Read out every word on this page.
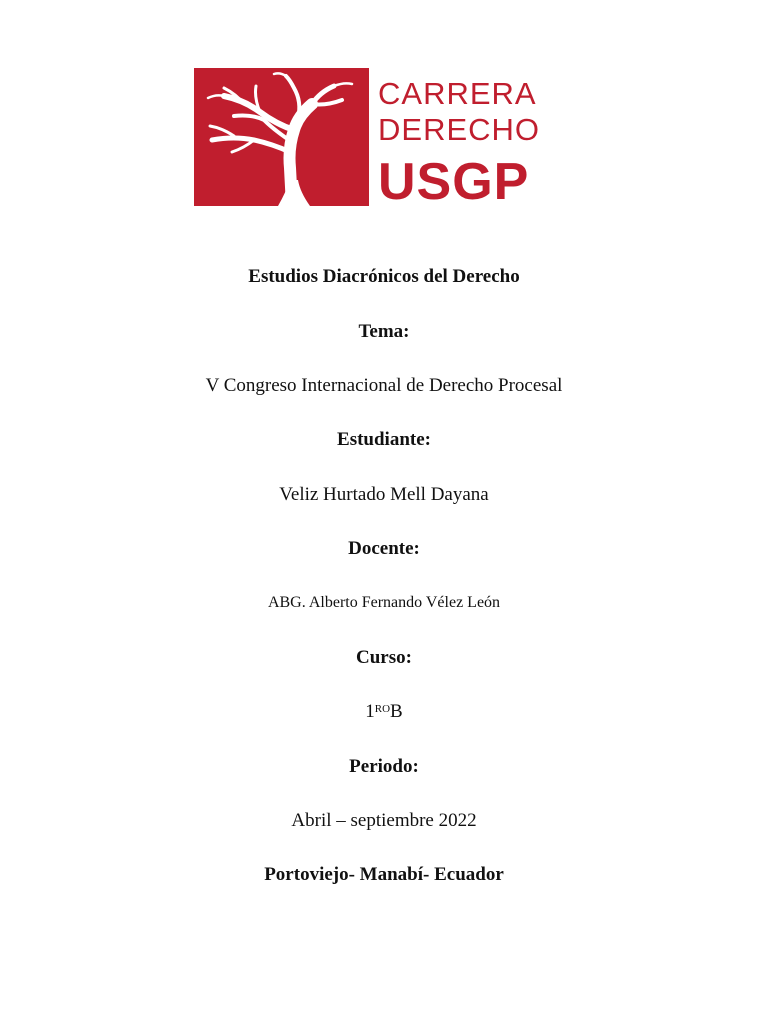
CARRERA
DERECHO
USGP
Estudios Diacrónicos del Derecho
Tema:
V Congreso Internacional de Derecho Procesal
Estudiante:
Veliz Hurtado Mell Dayana
Docente:
ABG. Alberto Fernando Vélez León
Curso:
$1^{RO}B$
Periodo:
Abril – septiembre 2022
Portoviejo- Manabí- Ecuador
